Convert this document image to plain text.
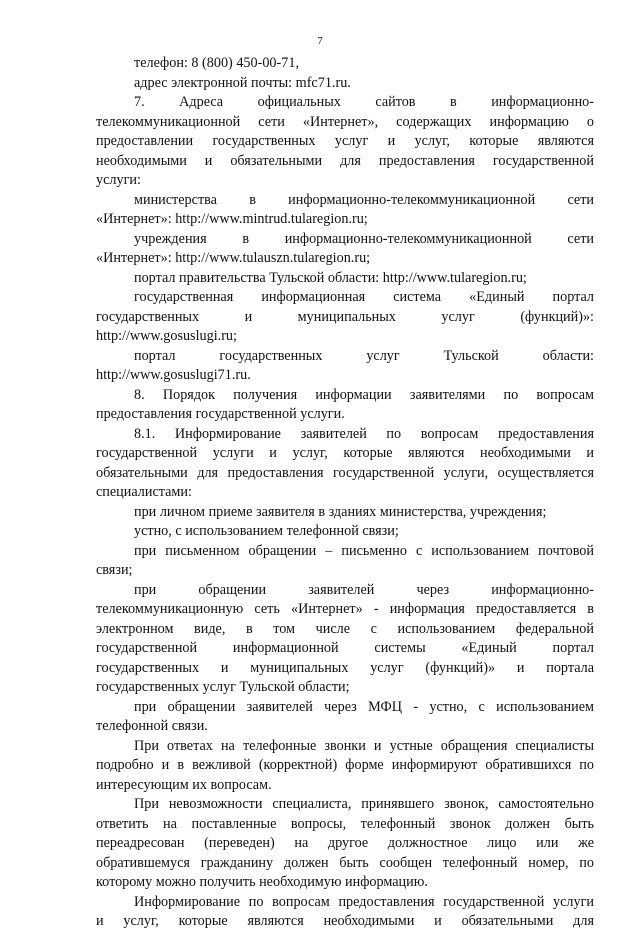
7
телефон: 8 (800) 450-00-71,
адрес электронной почты: mfc71.ru.
7. Адреса официальных сайтов в информационно-
телекоммуникационной сети «Интернет», содержащих информацию о
предоставлении государственных услуг и услуг, которые являются
необходимыми и обязательными для предоставления государственной
услуги:
министерства в информационно-телекоммуникационной сети
«Интернет»: http://www.mintrud.tularegion.ru;
учреждения в информационно-телекоммуникационной сети
«Интернет»: http://www.tulauszn.tularegion.ru;
портал правительства Тульской области: http://www.tularegion.ru;
государственная информационная система «Единый портал
государственных и муниципальных услуг (функций)»:
http://www.gosuslugi.ru;
портал государственных услуг Тульской области:
http://www.gosuslugi71.ru.
8. Порядок получения информации заявителями по вопросам
предоставления государственной услуги.
8.1. Информирование заявителей по вопросам предоставления
государственной услуги и услуг, которые являются необходимыми и
обязательными для предоставления государственной услуги, осуществляется
специалистами:
при личном приеме заявителя в зданиях министерства, учреждения;
устно, с использованием телефонной связи;
при письменном обращении – письменно с использованием почтовой
связи;
при обращении заявителей через информационно-
телекоммуникационную сеть «Интернет» - информация предоставляется в
электронном виде, в том числе с использованием федеральной
государственной информационной системы «Единый портал
государственных и муниципальных услуг (функций)» и портала
государственных услуг Тульской области;
при обращении заявителей через МФЦ - устно, с использованием
телефонной связи.
При ответах на телефонные звонки и устные обращения специалисты
подробно и в вежливой (корректной) форме информируют обратившихся по
интересующим их вопросам.
При невозможности специалиста, принявшего звонок, самостоятельно
ответить на поставленные вопросы, телефонный звонок должен быть
переадресован (переведен) на другое должностное лицо или же
обратившемуся гражданину должен быть сообщен телефонный номер, по
которому можно получить необходимую информацию.
Информирование по вопросам предоставления государственной услуги
и услуг, которые являются необходимыми и обязательными для
